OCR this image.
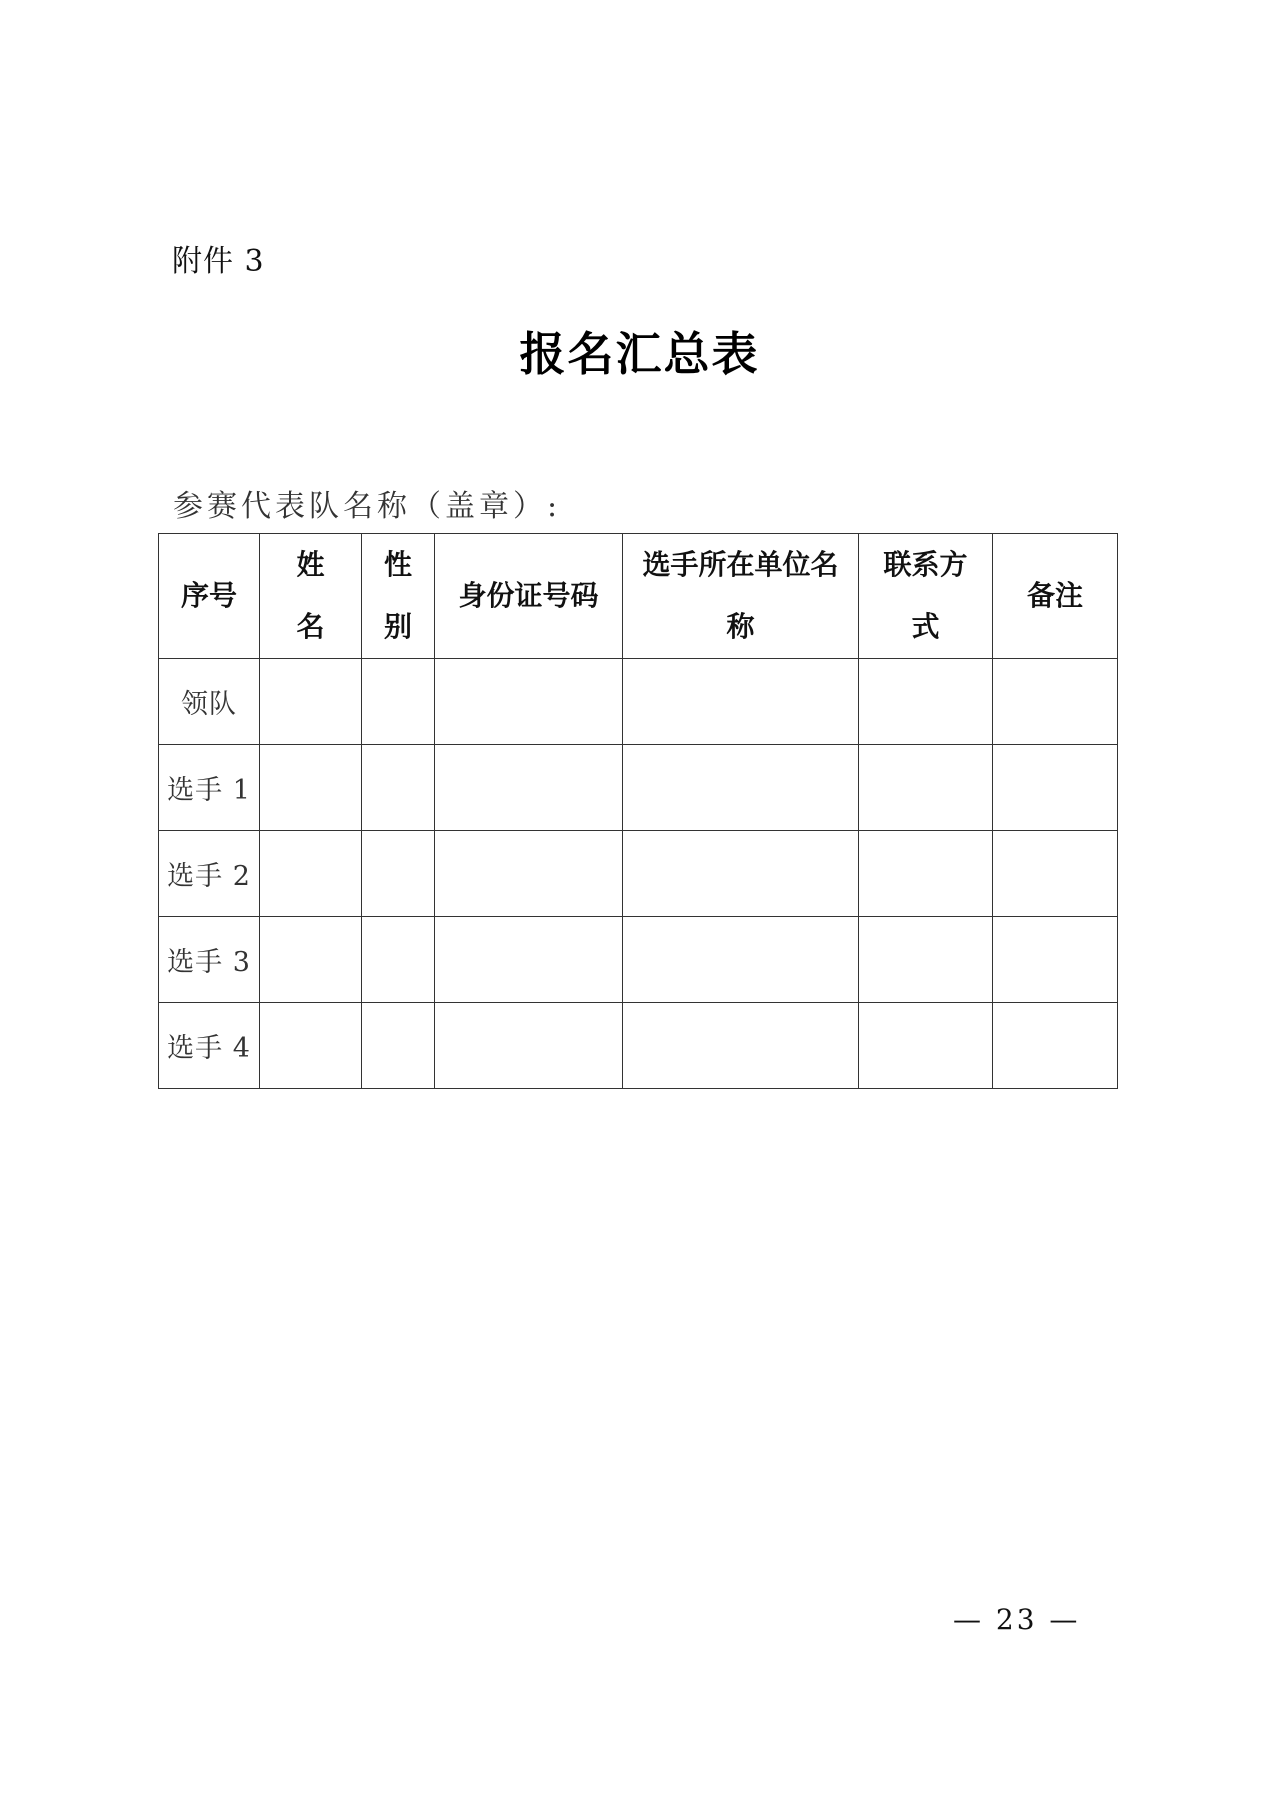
附件 3
报名汇总表
参赛代表队名称（盖章）:
序号	姓名	性别	身份证号码	选手所在单位名称	联系方式	备注
领队						
选手 1						
选手 2						
选手 3						
选手 4						
— 23 —
